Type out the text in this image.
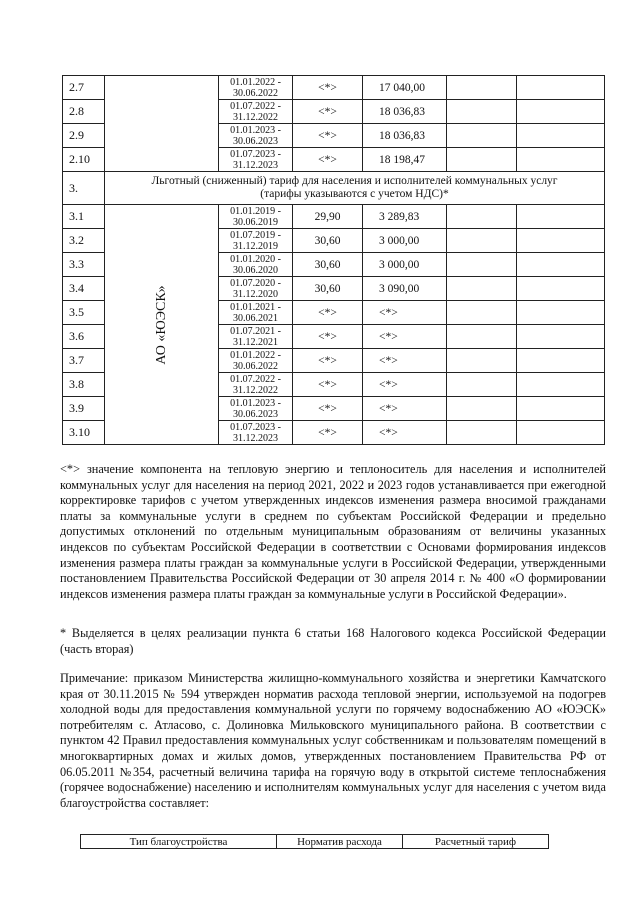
2.7		01.01.2022 - 30.06.2022	<*>	17 040,00		
2.8		01.07.2022 - 31.12.2022	<*>	18 036,83		
2.9		01.01.2023 - 30.06.2023	<*>	18 036,83		
2.10		01.07.2023 - 31.12.2023	<*>	18 198,47		
3.	Льготный (сниженный) тариф для населения и исполнителей коммунальных услуг
(тарифы указываются с учетом НДС)*					

3.1	АО «ЮЭСК»	01.01.2019 - 30.06.2019	29,90	3 289,83		
3.2		01.07.2019 - 31.12.2019	30,60	3 000,00		
3.3		01.01.2020 - 30.06.2020	30,60	3 000,00		
3.4		01.07.2020 - 31.12.2020	30,60	3 090,00		
3.5		01.01.2021 - 30.06.2021	<*>	<*>		
3.6		01.07.2021 - 31.12.2021	<*>	<*>		
3.7		01.01.2022 - 30.06.2022	<*>	<*>		
3.8		01.07.2022 - 31.12.2022	<*>	<*>		
3.9		01.01.2023 - 30.06.2023	<*>	<*>		
3.10		01.07.2023 - 31.12.2023	<*>	<*>		

<*> значение компонента на тепловую энергию и теплоноситель для населения и исполнителей коммунальных услуг для населения на период 2021, 2022 и 2023 годов устанавливается при ежегодной корректировке тарифов с учетом утвержденных индексов изменения размера вносимой гражданами платы за коммунальные услуги в среднем по субъектам Российской Федерации и предельно допустимых отклонений по отдельным муниципальным образованиям от величины указанных индексов по субъектам Российской Федерации в соответствии с Основами формирования индексов изменения размера платы граждан за коммунальные услуги в Российской Федерации, утвержденными постановлением Правительства Российской Федерации от 30 апреля 2014 г. № 400 «О формировании индексов изменения размера платы граждан за коммунальные услуги в Российской Федерации».

* Выделяется в целях реализации пункта 6 статьи 168 Налогового кодекса Российской Федерации (часть вторая)

Примечание: приказом Министерства жилищно-коммунального хозяйства и энергетики Камчатского края от 30.11.2015 № 594 утвержден норматив расхода тепловой энергии, используемой на подогрев холодной воды для предоставления коммунальной услуги по горячему водоснабжению АО «ЮЭСК» потребителям с. Атласово, с. Долиновка Мильковского муниципального района. В соответствии с пунктом 42 Правил предоставления коммунальных услуг собственникам и пользователям помещений в многоквартирных домах и жилых домов, утвержденных постановлением Правительства РФ от 06.05.2011 №354, расчетный величина тарифа на горячую воду в открытой системе теплоснабжения (горячее водоснабжение) населению и исполнителям коммунальных услуг для населения с учетом вида благоустройства составляет:

Тип благоустройства	Норматив расхода	Расчетный тариф
